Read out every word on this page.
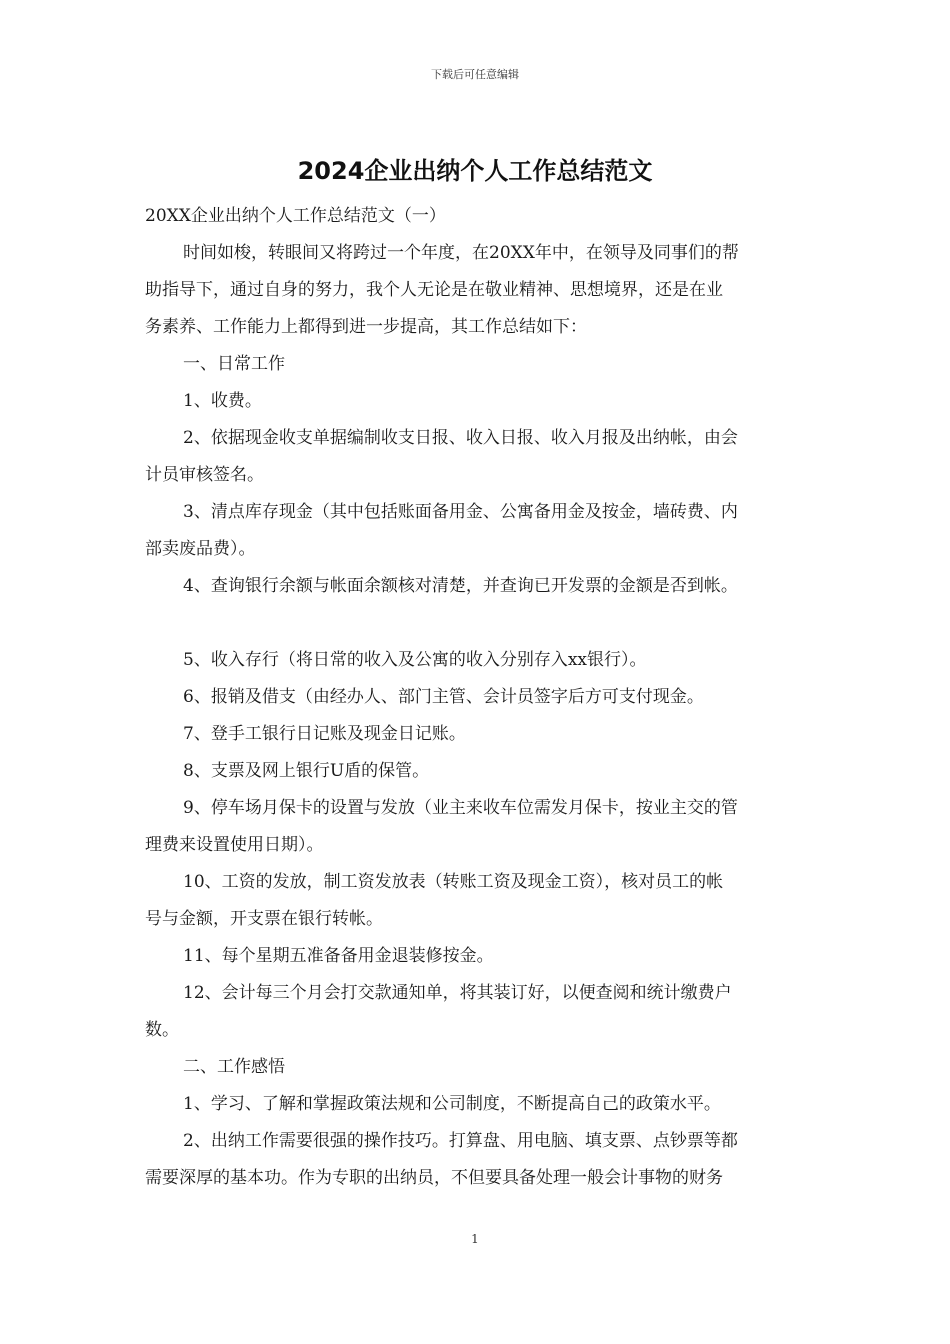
下载后可任意编辑
2024企业出纳个人工作总结范文
20XX企业出纳个人工作总结范文（一）
时间如梭，转眼间又将跨过一个年度，在20XX年中，在领导及同事们的帮
助指导下，通过自身的努力，我个人无论是在敬业精神、思想境界，还是在业
务素养、工作能力上都得到进一步提高，其工作总结如下：
一、日常工作
1、收费。
2、依据现金收支单据编制收支日报、收入日报、收入月报及出纳帐，由会
计员审核签名。
3、清点库存现金（其中包括账面备用金、公寓备用金及按金，墙砖费、内
部卖废品费）。
4、查询银行余额与帐面余额核对清楚，并查询已开发票的金额是否到帐。
5、收入存行（将日常的收入及公寓的收入分别存入xx银行）。
6、报销及借支（由经办人、部门主管、会计员签字后方可支付现金。
7、登手工银行日记账及现金日记账。
8、支票及网上银行U盾的保管。
9、停车场月保卡的设置与发放（业主来收车位需发月保卡，按业主交的管
理费来设置使用日期）。
10、工资的发放，制工资发放表（转账工资及现金工资），核对员工的帐
号与金额，开支票在银行转帐。
11、每个星期五准备备用金退装修按金。
12、会计每三个月会打交款通知单，将其装订好，以便查阅和统计缴费户
数。
二、工作感悟
1、学习、了解和掌握政策法规和公司制度，不断提高自己的政策水平。
2、出纳工作需要很强的操作技巧。打算盘、用电脑、填支票、点钞票等都
需要深厚的基本功。作为专职的出纳员，不但要具备处理一般会计事物的财务
1
